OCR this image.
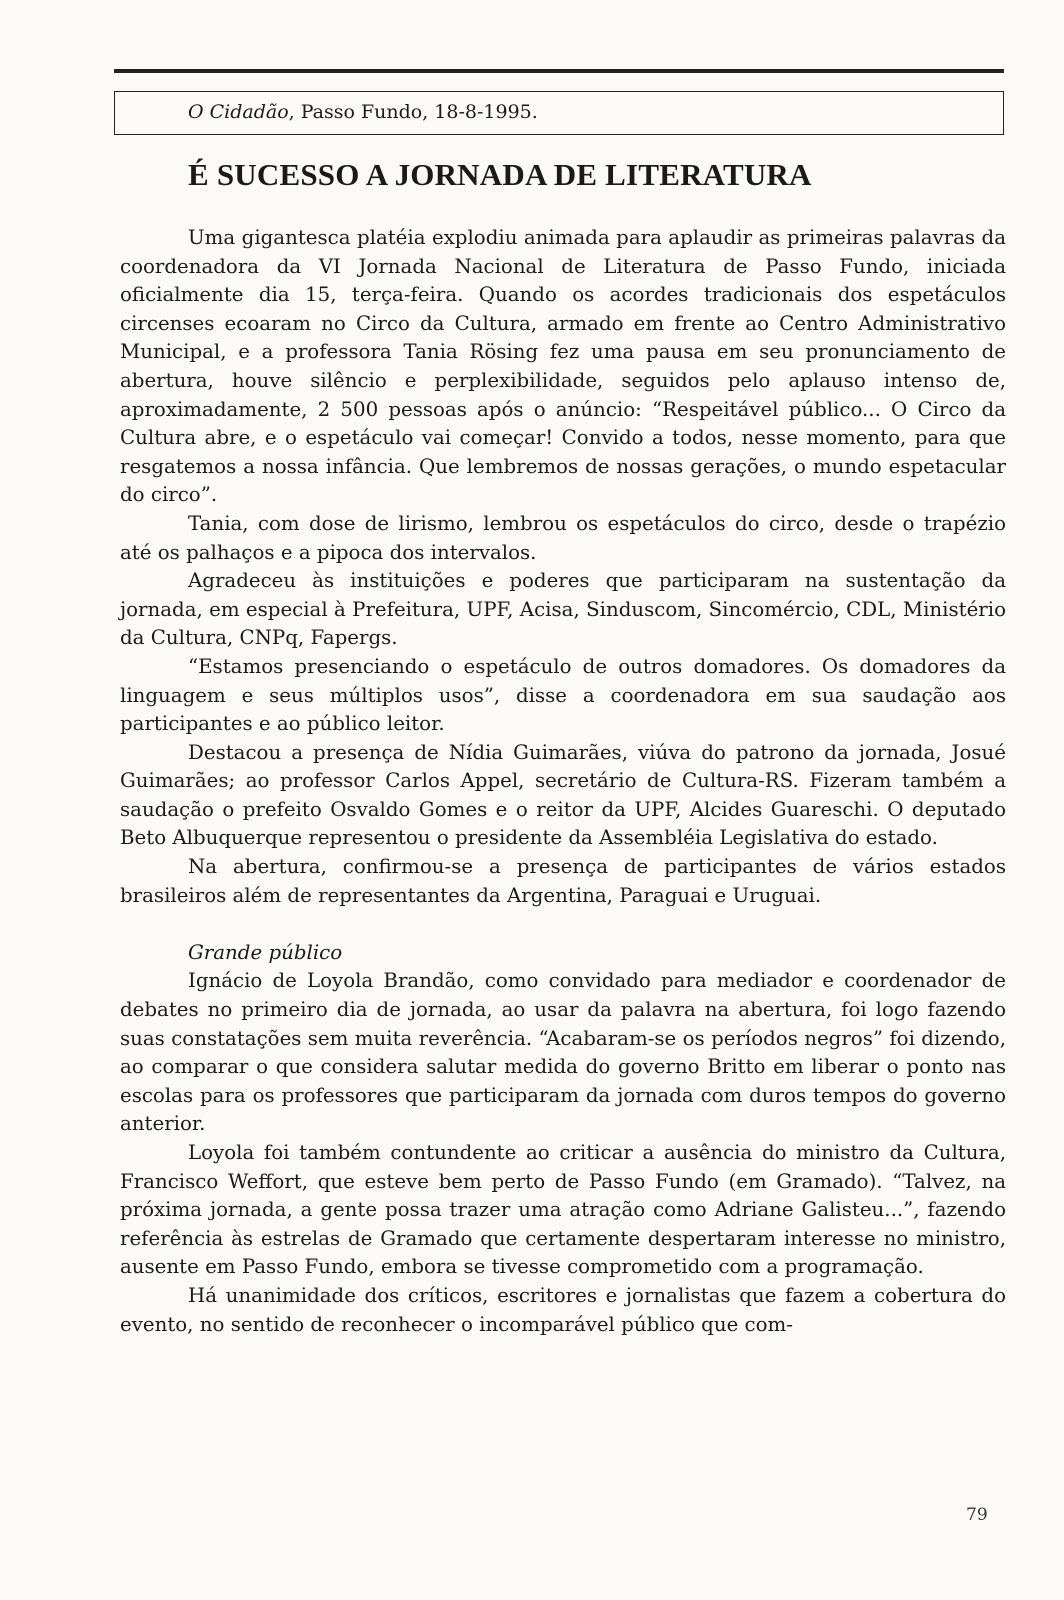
O Cidadão, Passo Fundo, 18-8-1995.
É SUCESSO A JORNADA DE LITERATURA

Uma gigantesca platéia explodiu animada para aplaudir as primeiras palavras da coordenadora da VI Jornada Nacional de Literatura de Passo Fundo, iniciada oficialmente dia 15, terça-feira. Quando os acordes tradicionais dos espetáculos circenses ecoaram no Circo da Cultura, armado em frente ao Centro Administrativo Municipal, e a professora Tania Rösing fez uma pausa em seu pronunciamento de abertura, houve silêncio e perplexibilidade, seguidos pelo aplauso intenso de, aproximadamente, 2 500 pessoas após o anúncio: “Respeitável público... O Circo da Cultura abre, e o espetáculo vai começar! Convido a todos, nesse momento, para que resgatemos a nossa infância. Que lembremos de nossas gerações, o mundo espetacular do circo”.

Tania, com dose de lirismo, lembrou os espetáculos do circo, desde o trapézio até os palhaços e a pipoca dos intervalos.

Agradeceu às instituições e poderes que participaram na sustentação da jornada, em especial à Prefeitura, UPF, Acisa, Sinduscom, Sincomércio, CDL, Ministério da Cultura, CNPq, Fapergs.

“Estamos presenciando o espetáculo de outros domadores. Os domadores da linguagem e seus múltiplos usos”, disse a coordenadora em sua saudação aos participantes e ao público leitor.

Destacou a presença de Nídia Guimarães, viúva do patrono da jornada, Josué Guimarães; ao professor Carlos Appel, secretário de Cultura-RS. Fizeram também a saudação o prefeito Osvaldo Gomes e o reitor da UPF, Alcides Guareschi. O deputado Beto Albuquerque representou o presidente da Assembléia Legislativa do estado.

Na abertura, confirmou-se a presença de participantes de vários estados brasileiros além de representantes da Argentina, Paraguai e Uruguai.

Grande público

Ignácio de Loyola Brandão, como convidado para mediador e coordenador de debates no primeiro dia de jornada, ao usar da palavra na abertura, foi logo fazendo suas constatações sem muita reverência. “Acabaram-se os períodos negros” foi dizendo, ao comparar o que considera salutar medida do governo Britto em liberar o ponto nas escolas para os professores que participaram da jornada com duros tempos do governo anterior.

Loyola foi também contundente ao criticar a ausência do ministro da Cultura, Francisco Weffort, que esteve bem perto de Passo Fundo (em Gramado). “Talvez, na próxima jornada, a gente possa trazer uma atração como Adriane Galisteu...”, fazendo referência às estrelas de Gramado que certamente despertaram interesse no ministro, ausente em Passo Fundo, embora se tivesse comprometido com a programação.

Há unanimidade dos críticos, escritores e jornalistas que fazem a cobertura do evento, no sentido de reconhecer o incomparável público que com-

79
